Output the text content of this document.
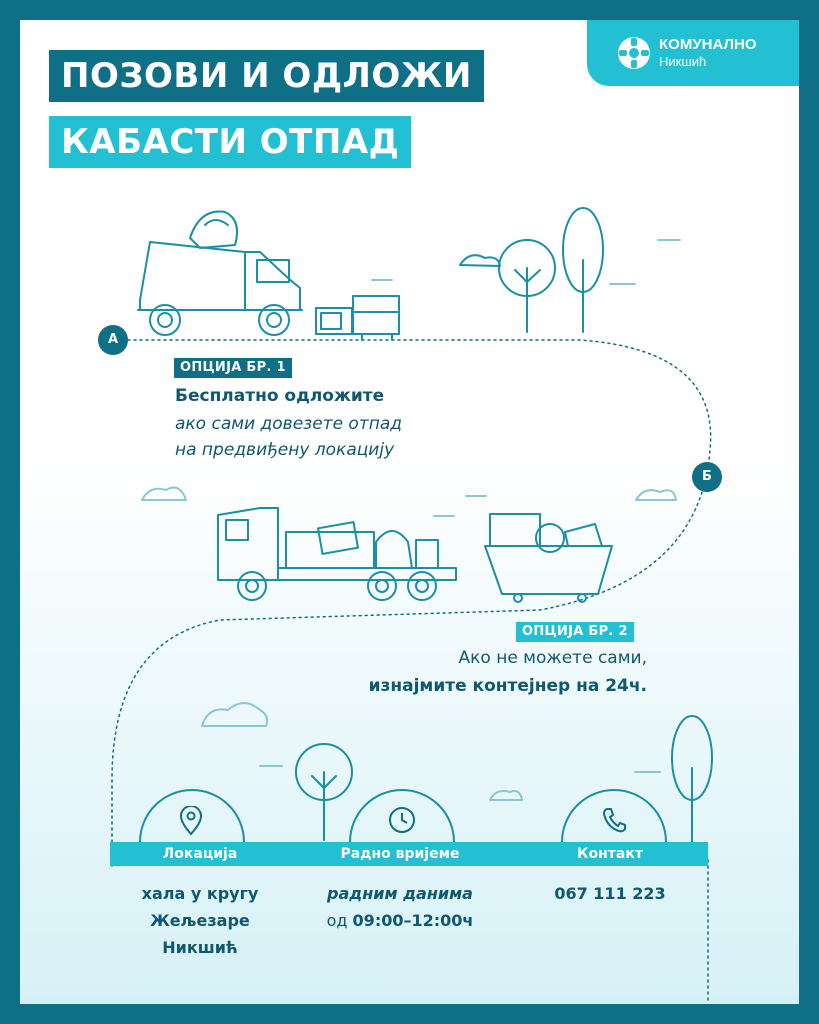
ПОЗОВИ И ОДЛОЖИ
КАБАСТИ ОТПАД
КОМУНАЛНО
Никшић
А
Б
ОПЦИЈА БР. 1
Бесплатно одложите
ако сами довезете отпад
на предвиђену локацију
ОПЦИЈА БР. 2
Ако не можете сами,
изнајмите контејнер на 24ч.
Локација	Радно вријеме	Контакт
хала у кругу
Жељезаре
Никшић
радним данима
од 09:00–12:00ч
067 111 223
